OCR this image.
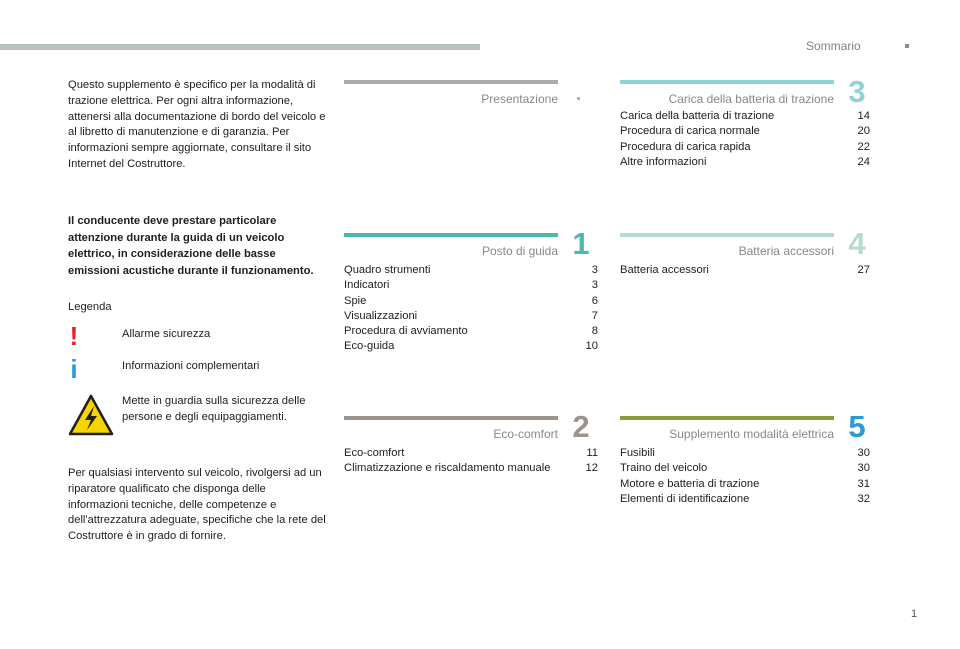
Sommario
Questo supplemento è specifico per la modalità di trazione elettrica. Per ogni altra informazione, attenersi alla documentazione di bordo del veicolo e al libretto di manutenzione e di garanzia. Per informazioni sempre aggiornate, consultare il sito Internet del Costruttore.
Il conducente deve prestare particolare attenzione durante la guida di un veicolo elettrico, in considerazione delle basse emissioni acustiche durante il funzionamento.
Legenda
!	Allarme sicurezza
i	Informazioni complementari
Mette in guardia sulla sicurezza delle persone e degli equipaggiamenti.
Per qualsiasi intervento sul veicolo, rivolgersi ad un riparatore qualificato che disponga delle informazioni tecniche, delle competenze e dell'attrezzatura adeguate, specifiche che la rete del Costruttore è in grado di fornire.
Presentazione
Posto di guida 1
Quadro strumenti	3
Indicatori	3
Spie	6
Visualizzazioni	7
Procedura di avviamento	8
Eco-guida	10
Eco-comfort 2
Eco-comfort	11
Climatizzazione e riscaldamento manuale	12
Carica della batteria di trazione 3
Carica della batteria di trazione	14
Procedura di carica normale	20
Procedura di carica rapida	22
Altre informazioni	24
Batteria accessori 4
Batteria accessori	27
Supplemento modalità elettrica 5
Fusibili	30
Traino del veicolo	30
Motore e batteria di trazione	31
Elementi di identificazione	32
1
